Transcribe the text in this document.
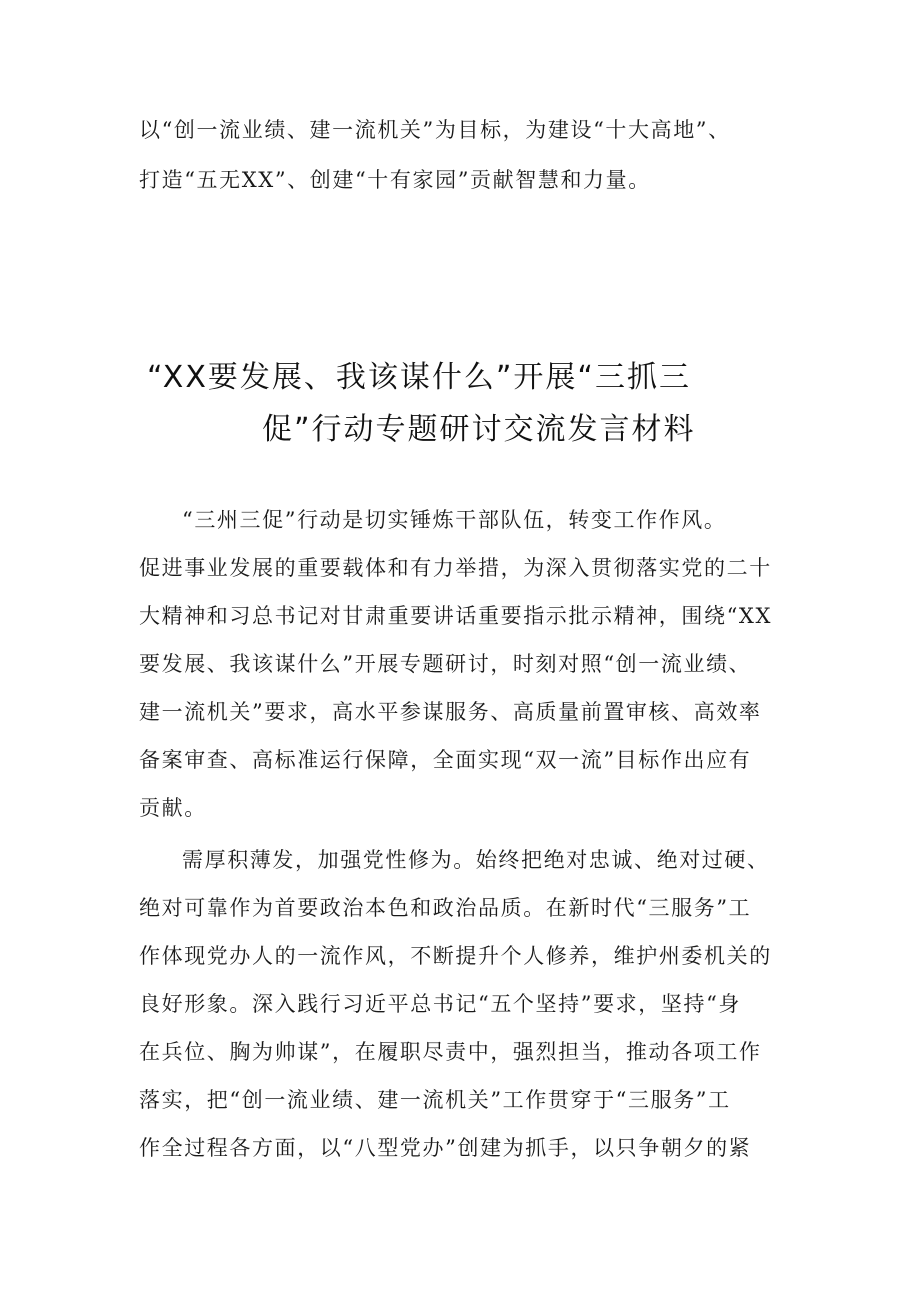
以“创一流业绩、建一流机关”为目标，为建设“十大高地”、
打造“五无XX”、创建“十有家园”贡献智慧和力量。
“XX要发展、我该谋什么”开展“三抓三
促”行动专题研讨交流发言材料
“三州三促”行动是切实锤炼干部队伍，转变工作作风。
促进事业发展的重要载体和有力举措，为深入贯彻落实党的二十
大精神和习总书记对甘肃重要讲话重要指示批示精神，围绕“XX
要发展、我该谋什么”开展专题研讨，时刻对照“创一流业绩、
建一流机关”要求，高水平参谋服务、高质量前置审核、高效率
备案审查、高标准运行保障，全面实现“双一流”目标作出应有
贡献。
需厚积薄发，加强党性修为。始终把绝对忠诚、绝对过硬、
绝对可靠作为首要政治本色和政治品质。在新时代“三服务”工
作体现党办人的一流作风，不断提升个人修养，维护州委机关的
良好形象。深入践行习近平总书记“五个坚持”要求，坚持“身
在兵位、胸为帅谋”，在履职尽责中，强烈担当，推动各项工作
落实，把“创一流业绩、建一流机关”工作贯穿于“三服务”工
作全过程各方面，以“八型党办”创建为抓手，以只争朝夕的紧
